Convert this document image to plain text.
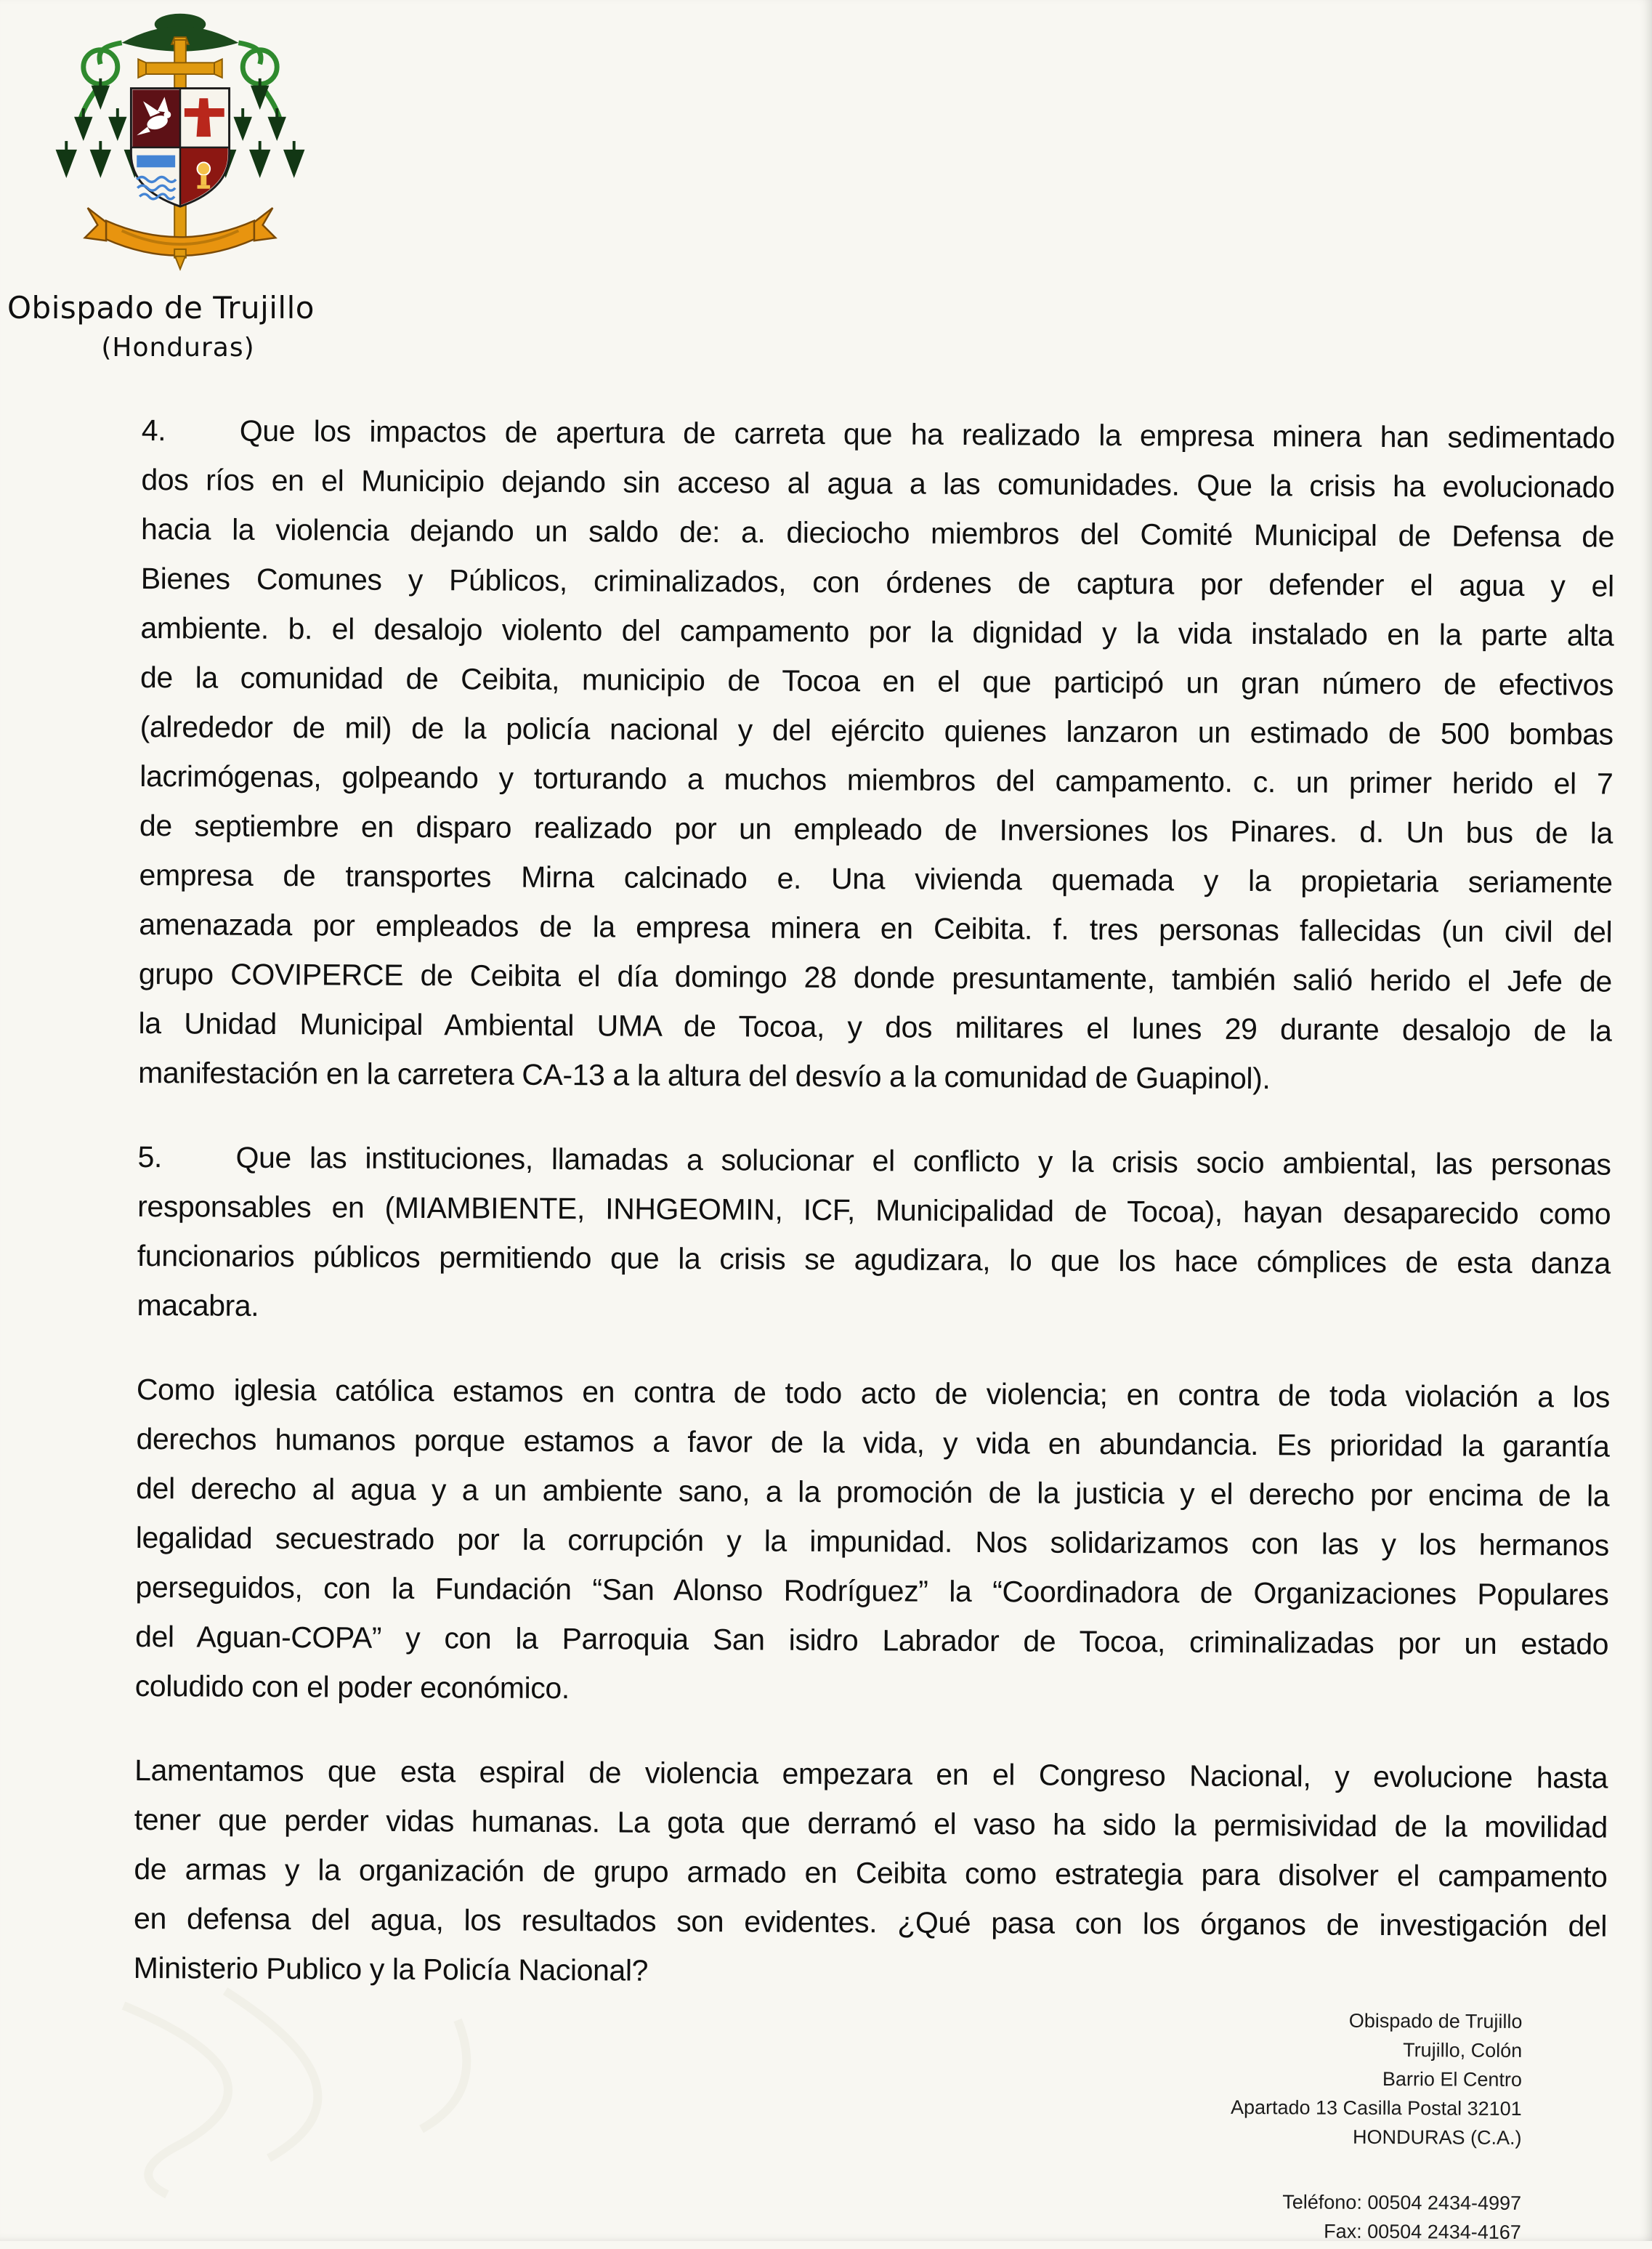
Obispado de Trujillo
(Honduras)
4. Que los impactos de apertura de carreta que ha realizado la empresa minera han sedimentado
dos ríos en el Municipio dejando sin acceso al agua a las comunidades. Que la crisis ha evolucionado
hacia la violencia dejando un saldo de: a. dieciocho miembros del Comité Municipal de Defensa de
Bienes Comunes y Públicos, criminalizados, con órdenes de captura por defender el agua y el
ambiente. b. el desalojo violento del campamento por la dignidad y la vida instalado en la parte alta
de la comunidad de Ceibita, municipio de Tocoa en el que participó un gran número de efectivos
(alrededor de mil) de la policía nacional y del ejército quienes lanzaron un estimado de 500 bombas
lacrimógenas, golpeando y torturando a muchos miembros del campamento. c. un primer herido el 7
de septiembre en disparo realizado por un empleado de Inversiones los Pinares. d. Un bus de la
empresa de transportes Mirna calcinado e. Una vivienda quemada y la propietaria seriamente
amenazada por empleados de la empresa minera en Ceibita. f. tres personas fallecidas (un civil del
grupo COVIPERCE de Ceibita el día domingo 28 donde presuntamente, también salió herido el Jefe de
la Unidad Municipal Ambiental UMA de Tocoa, y dos militares el lunes 29 durante desalojo de la
manifestación en la carretera CA-13 a la altura del desvío a la comunidad de Guapinol).
5. Que las instituciones, llamadas a solucionar el conflicto y la crisis socio ambiental, las personas
responsables en (MIAMBIENTE, INHGEOMIN, ICF, Municipalidad de Tocoa), hayan desaparecido como
funcionarios públicos permitiendo que la crisis se agudizara, lo que los hace cómplices de esta danza
macabra.
Como iglesia católica estamos en contra de todo acto de violencia; en contra de toda violación a los
derechos humanos porque estamos a favor de la vida, y vida en abundancia. Es prioridad la garantía
del derecho al agua y a un ambiente sano, a la promoción de la justicia y el derecho por encima de la
legalidad secuestrado por la corrupción y la impunidad. Nos solidarizamos con las y los hermanos
perseguidos, con la Fundación “San Alonso Rodríguez” la “Coordinadora de Organizaciones Populares
del Aguan-COPA” y con la Parroquia San isidro Labrador de Tocoa, criminalizadas por un estado
coludido con el poder económico.
Lamentamos que esta espiral de violencia empezara en el Congreso Nacional, y evolucione hasta
tener que perder vidas humanas. La gota que derramó el vaso ha sido la permisividad de la movilidad
de armas y la organización de grupo armado en Ceibita como estrategia para disolver el campamento
en defensa del agua, los resultados son evidentes. ¿Qué pasa con los órganos de investigación del
Ministerio Publico y la Policía Nacional?
Obispado de Trujillo
Trujillo, Colón
Barrio El Centro
Apartado 13 Casilla Postal 32101
HONDURAS (C.A.)
Teléfono: 00504 2434-4997
Fax: 00504 2434-4167
